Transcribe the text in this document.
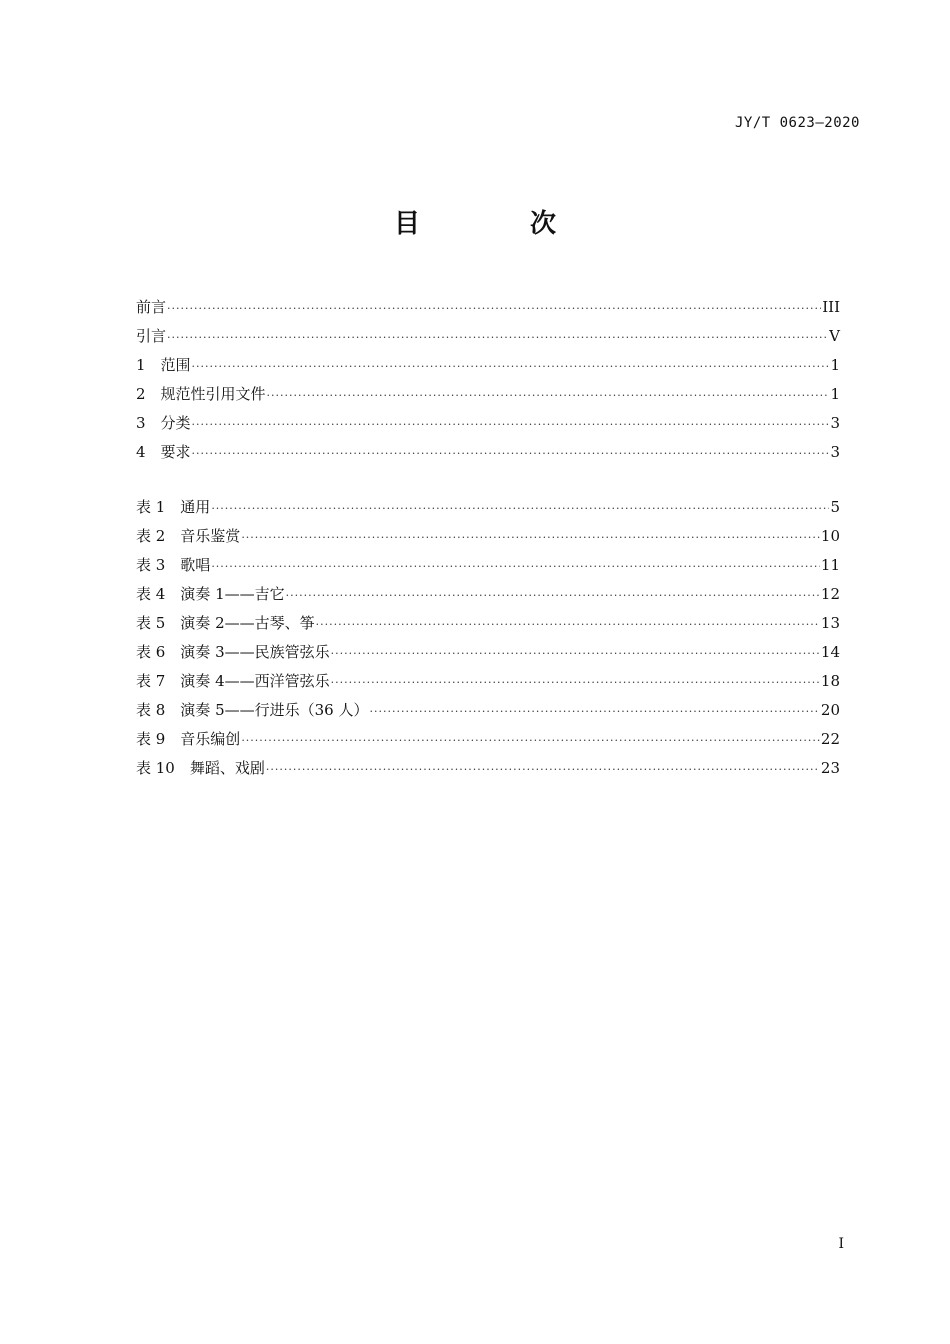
JY/T 0623—2020
目　次
前言 ·····	III
引言 ·····	V
1　范围 ·····	1
2　规范性引用文件 ·····	1
3　分类 ·····	3
4　要求 ·····	3
表 1　通用 ·····	5
表 2　音乐鉴赏 ·····	10
表 3　歌唱 ·····	11
表 4　演奏 1——吉它 ·····	12
表 5　演奏 2——古琴、筝 ·····	13
表 6　演奏 3——民族管弦乐 ·····	14
表 7　演奏 4——西洋管弦乐 ·····	18
表 8　演奏 5——行进乐（36 人） ·····	20
表 9　音乐编创 ·····	22
表 10　舞蹈、戏剧 ·····	23
I
